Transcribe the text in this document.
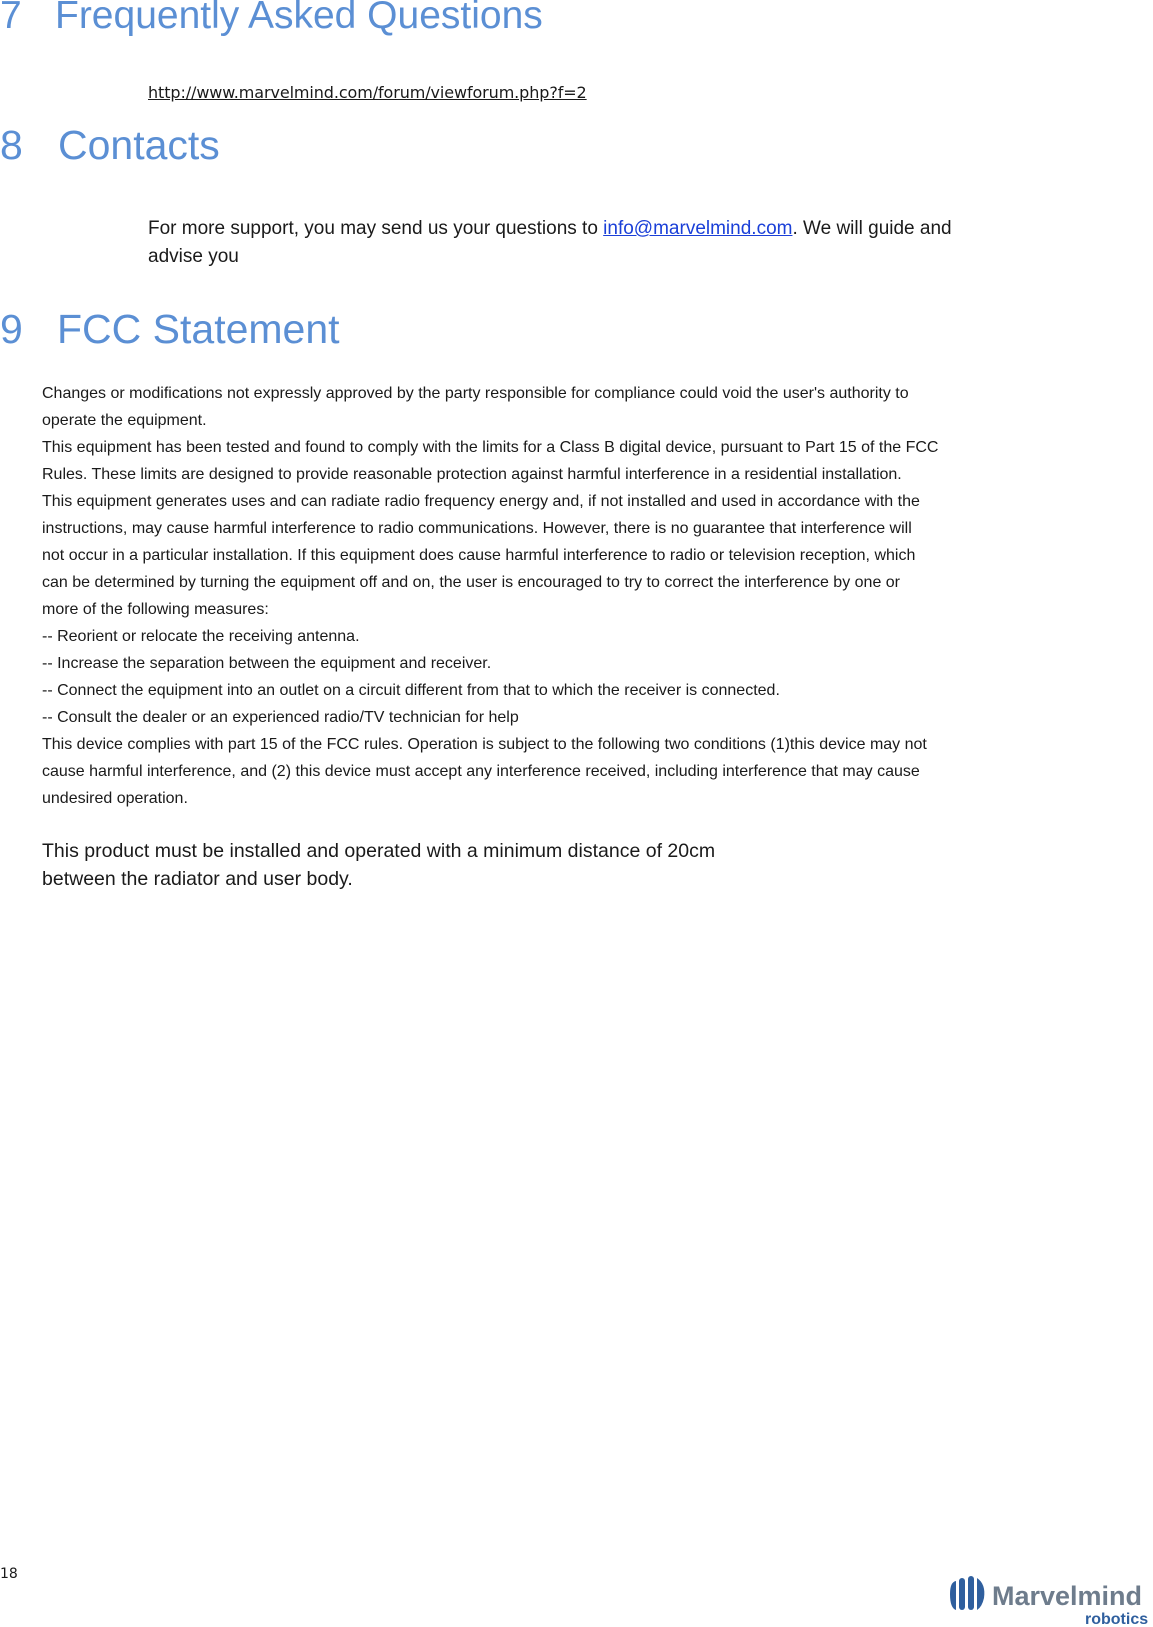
7 Frequently Asked Questions
http://www.marvelmind.com/forum/viewforum.php?f=2
8 Contacts

For more support, you may send us your questions to info@marvelmind.com. We will guide and
advise you

9 FCC Statement

Changes or modifications not expressly approved by the party responsible for compliance could void the user's authority to

operate the equipment.

This equipment has been tested and found to comply with the limits for a Class B digital device, pursuant to Part 15 of the FCC

Rules. These limits are designed to provide reasonable protection against harmful interference in a residential installation.

This equipment generates uses and can radiate radio frequency energy and, if not installed and used in accordance with the

instructions, may cause harmful interference to radio communications. However, there is no guarantee that interference will

not occur in a particular installation. If this equipment does cause harmful interference to radio or television reception, which

can be determined by turning the equipment off and on, the user is encouraged to try to correct the interference by one or

more of the following measures:

-- Reorient or relocate the receiving antenna.

-- Increase the separation between the equipment and receiver.

-- Connect the equipment into an outlet on a circuit different from that to which the receiver is connected.

-- Consult the dealer or an experienced radio/TV technician for help

This device complies with part 15 of the FCC rules. Operation is subject to the following two conditions (1)this device may not

cause harmful interference, and (2) this device must accept any interference received, including interference that may cause

undesired operation.

This product must be installed and operated with a minimum distance of 20cm

between the radiator and user body.

18
Marvelmind
robotics
